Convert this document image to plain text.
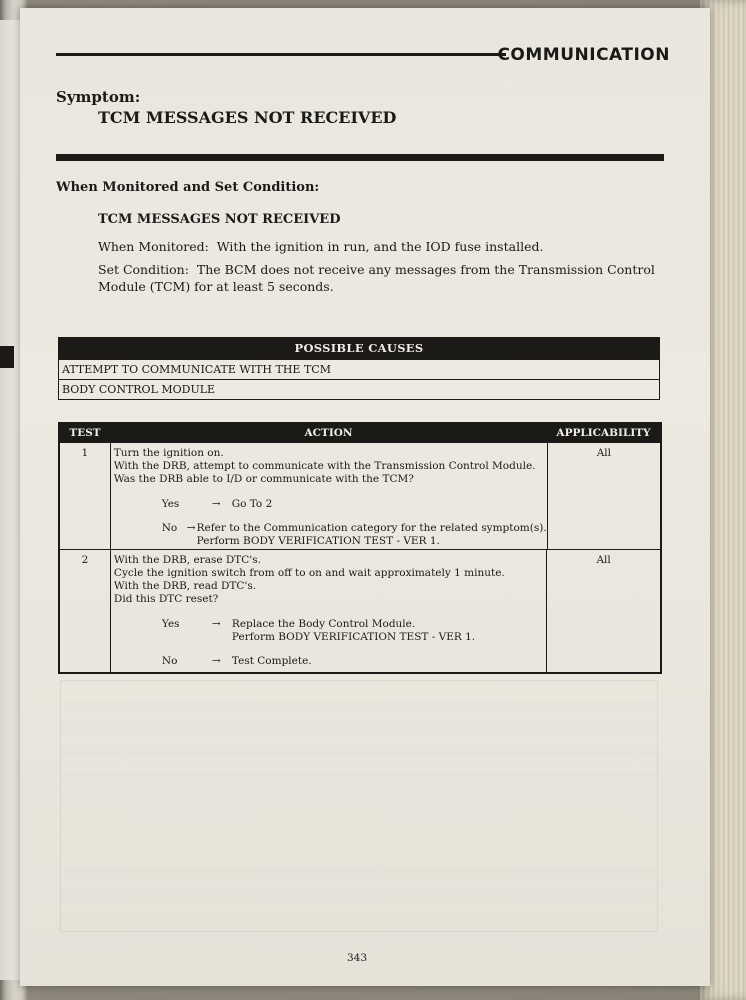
COMMUNICATION
Symptom:
TCM MESSAGES NOT RECEIVED
When Monitored and Set Condition:
TCM MESSAGES NOT RECEIVED
When Monitored: With the ignition in run, and the IOD fuse installed.
Set Condition: The BCM does not receive any messages from the Transmission Control Module (TCM) for at least 5 seconds.
POSSIBLE CAUSES
ATTEMPT TO COMMUNICATE WITH THE TCM
BODY CONTROL MODULE
TEST	ACTION	APPLICABILITY
1	Turn the ignition on.
With the DRB, attempt to communicate with the Transmission Control Module.
Was the DRB able to I/D or communicate with the TCM?
Yes	→	Go To 2
No → Refer to the Communication category for the related symptom(s).
Perform BODY VERIFICATION TEST - VER 1.
All
2	With the DRB, erase DTC's.
Cycle the ignition switch from off to on and wait approximately 1 minute.
With the DRB, read DTC's.
Did this DTC reset?
Yes	→	Replace the Body Control Module.
Perform BODY VERIFICATION TEST - VER 1.
No	→	Test Complete.
All
343
